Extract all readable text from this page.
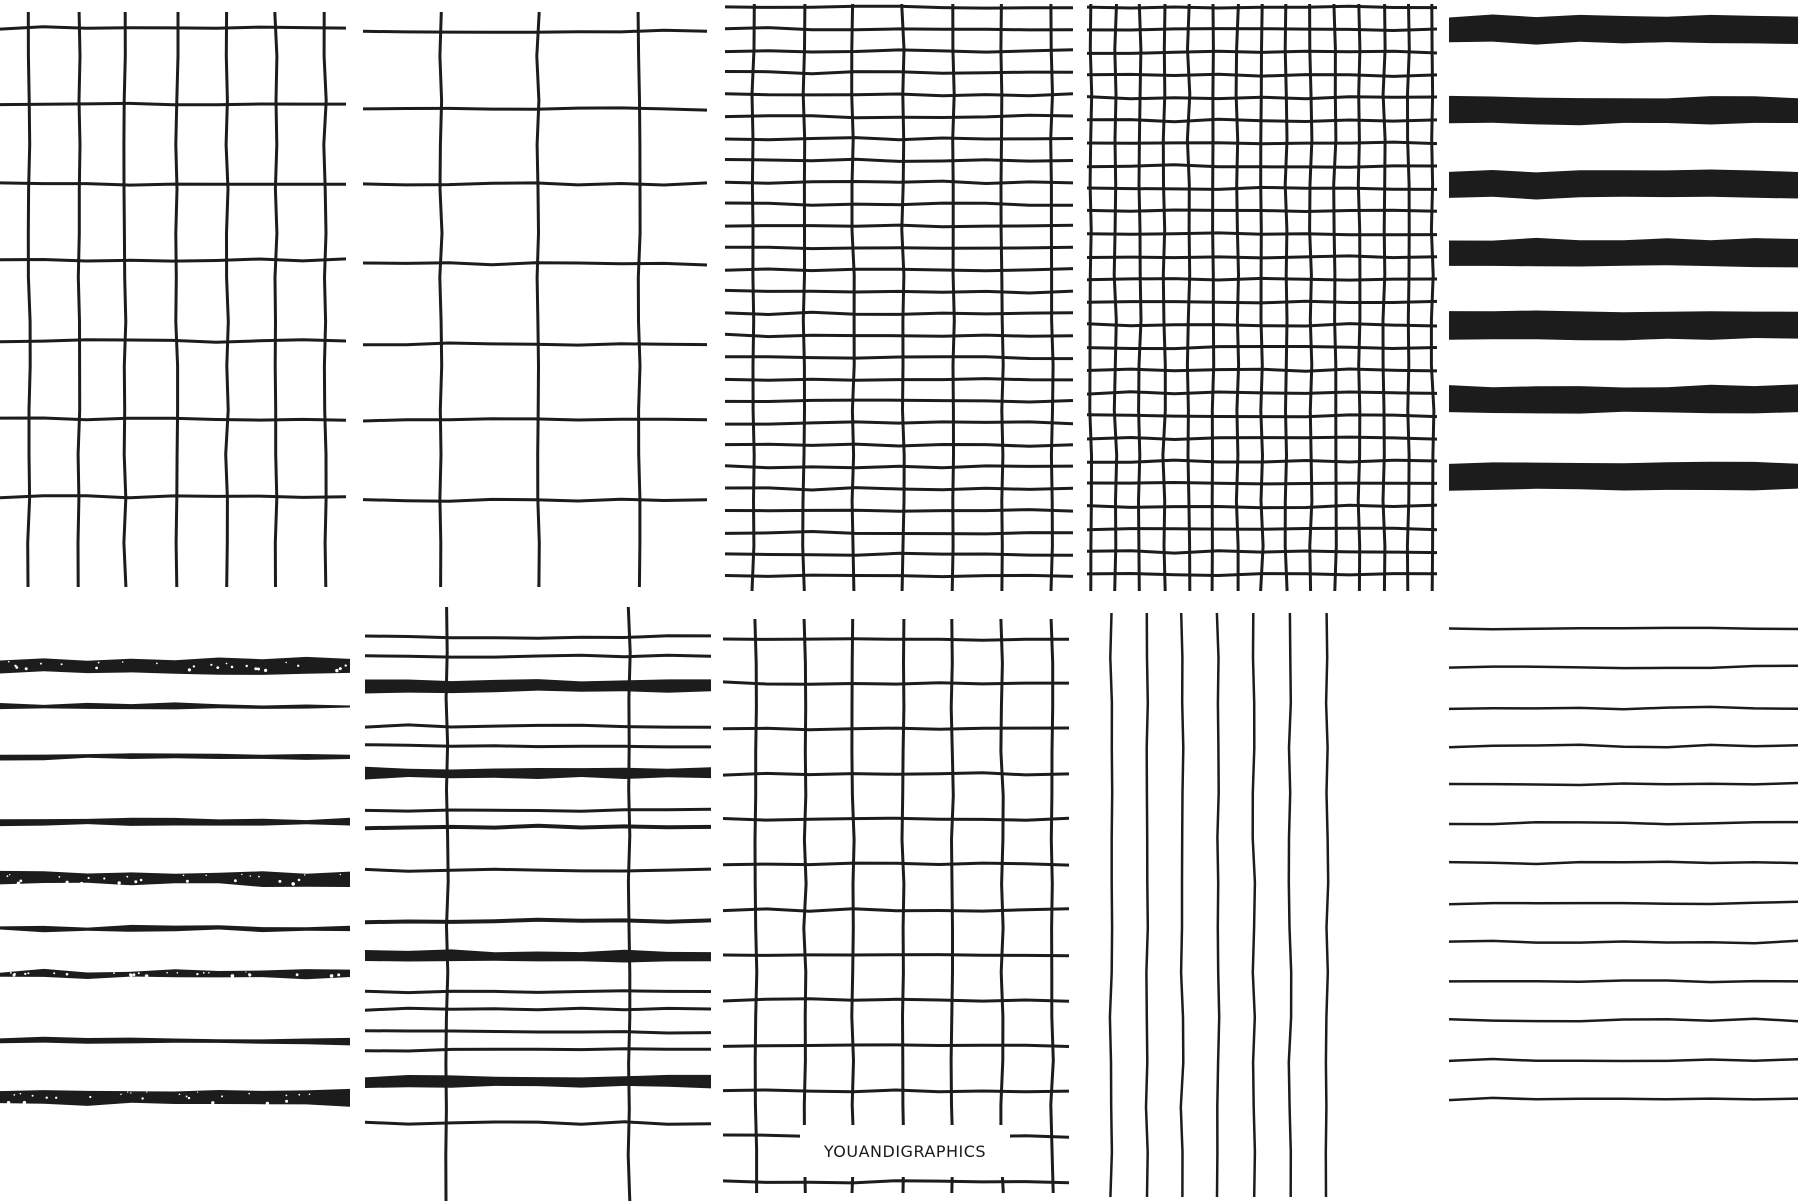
YOUANDIGRAPHICS
